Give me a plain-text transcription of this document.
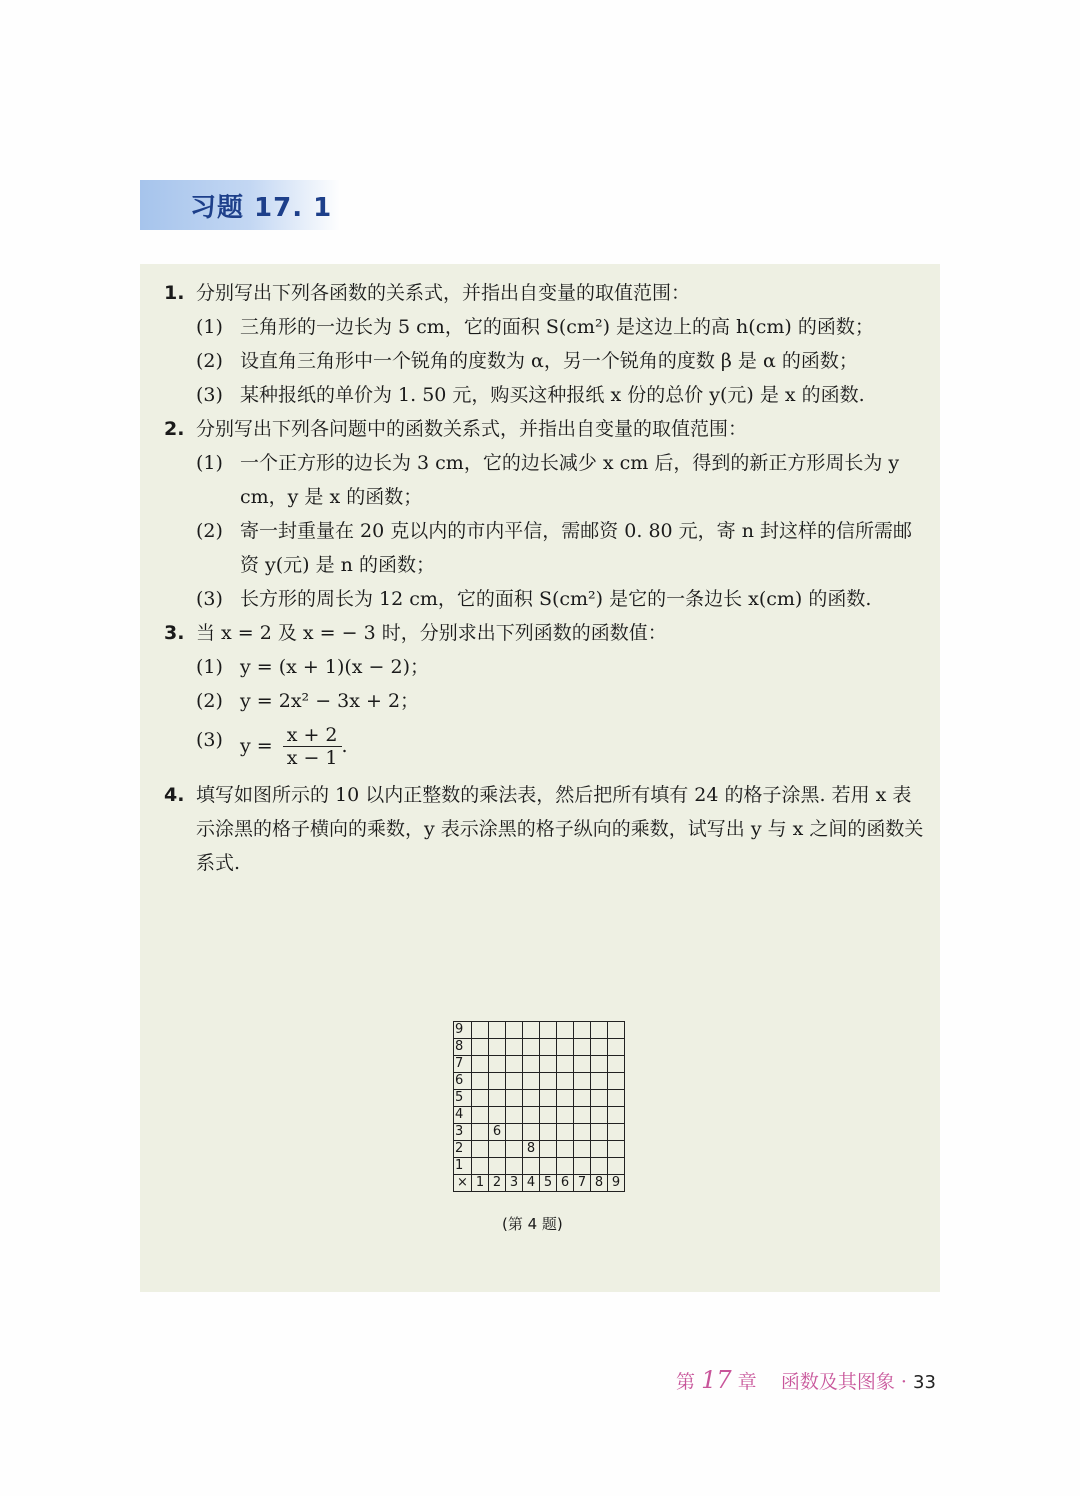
习题 17. 1
1. 分别写出下列各函数的关系式，并指出自变量的取值范围：
(1) 三角形的一边长为 5 cm，它的面积 S(cm²) 是这边上的高 h(cm) 的函数；
(2) 设直角三角形中一个锐角的度数为 α，另一个锐角的度数 β 是 α 的函数；
(3) 某种报纸的单价为 1. 50 元，购买这种报纸 x 份的总价 y(元) 是 x 的函数.
2. 分别写出下列各问题中的函数关系式，并指出自变量的取值范围：
(1) 一个正方形的边长为 3 cm，它的边长减少 x cm 后，得到的新正方形周长为 y cm，y 是 x 的函数；
(2) 寄一封重量在 20 克以内的市内平信，需邮资 0. 80 元，寄 n 封这样的信所需邮资 y(元) 是 n 的函数；
(3) 长方形的周长为 12 cm，它的面积 S(cm²) 是它的一条边长 x(cm) 的函数.
3. 当 x = 2 及 x = − 3 时，分别求出下列函数的函数值：
(1) y = (x + 1)(x − 2)；
(2) y = 2x² − 3x + 2；
(3) $y = \frac{x + 2}{x - 1}$ .
4. 填写如图所示的 10 以内正整数的乘法表，然后把所有填有 24 的格子涂黑. 若用 x 表示涂黑的格子横向的乘数，y 表示涂黑的格子纵向的乘数，试写出 y 与 x 之间的函数关系式.
9									
8									
7									
6									
5									
4									
3		6							
2				8					
1									
×	1	2	3	4	5	6	7	8	9
(第 4 题)
第 17 章 函数及其图象 · 33
